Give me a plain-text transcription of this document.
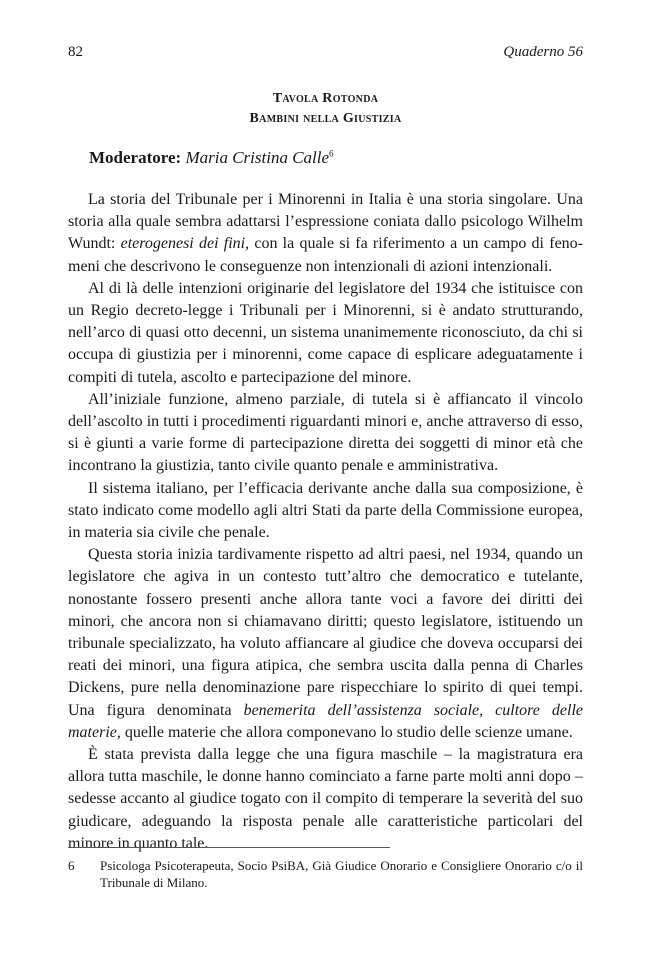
82	Quaderno 56
Tavola Rotonda
Bambini nella Giustizia
Moderatore: Maria Cristina Calle$^6$

La storia del Tribunale per i Minorenni in Italia è una storia singolare. Una storia alla quale sembra adattarsi l’espressione coniata dallo psicologo Wilhelm Wundt: eterogenesi dei fini, con la quale si fa riferimento a un campo di fenomeni che descrivono le conseguenze non intenzionali di azioni intenzionali.

Al di là delle intenzioni originarie del legislatore del 1934 che istituisce con un Regio decreto-legge i Tribunali per i Minorenni, si è andato strutturando, nell’arco di quasi otto decenni, un sistema unanimemente riconosciuto, da chi si occupa di giustizia per i minorenni, come capace di esplicare adeguatamente i compiti di tutela, ascolto e partecipazione del minore.

All’iniziale funzione, almeno parziale, di tutela si è affiancato il vincolo dell’ascolto in tutti i procedimenti riguardanti minori e, anche attraverso di esso, si è giunti a varie forme di partecipazione diretta dei soggetti di minor età che incontrano la giustizia, tanto civile quanto penale e amministrativa.

Il sistema italiano, per l’efficacia derivante anche dalla sua composizione, è stato indicato come modello agli altri Stati da parte della Commissione europea, in materia sia civile che penale.

Questa storia inizia tardivamente rispetto ad altri paesi, nel 1934, quando un legislatore che agiva in un contesto tutt’altro che democratico e tutelante, nonostante fossero presenti anche allora tante voci a favore dei diritti dei minori, che ancora non si chiamavano diritti; questo legislatore, istituendo un tribunale specializzato, ha voluto affiancare al giudice che doveva occuparsi dei reati dei minori, una figura atipica, che sembra uscita dalla penna di Charles Dickens, pure nella denominazione pare rispecchiare lo spirito di quei tempi. Una figura denominata benemerita dell’assistenza sociale, cultore delle materie, quelle materie che allora componevano lo studio delle scienze umane.

È stata prevista dalla legge che una figura maschile – la magistratura era allora tutta maschile, le donne hanno cominciato a farne parte molti anni dopo – sedesse accanto al giudice togato con il compito di temperare la severità del suo giudicare, adeguando la risposta penale alle caratteristiche particolari del minore in quanto tale.

6	Psicologa Psicoterapeuta, Socio PsiBA, Già Giudice Onorario e Consigliere Onorario c/o il Tribunale di Milano.
